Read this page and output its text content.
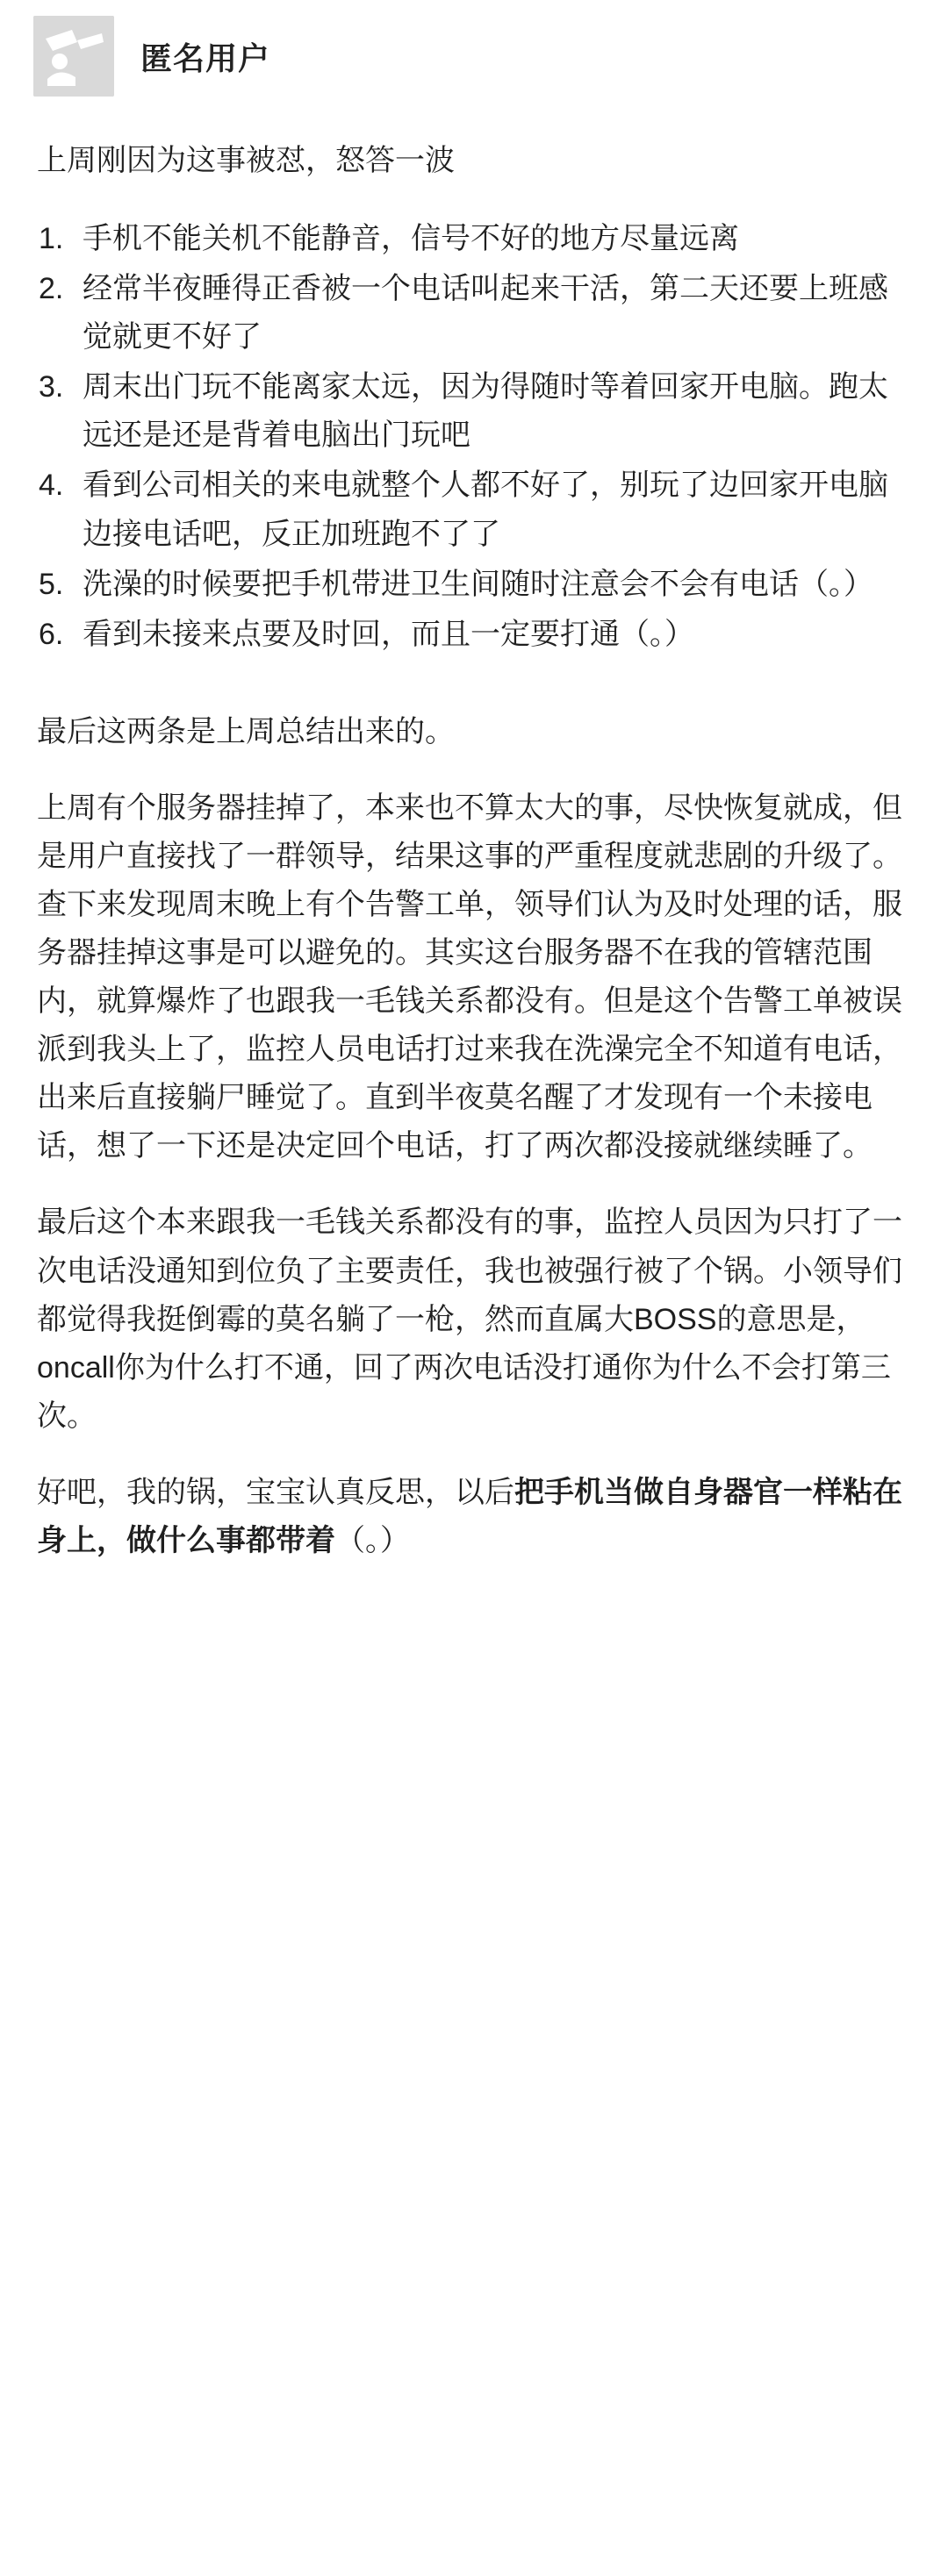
匿名用户

上周刚因为这事被怼，怒答一波

手机不能关机不能静音，信号不好的地方尽量远离
经常半夜睡得正香被一个电话叫起来干活，第二天还要上班感觉就更不好了
周末出门玩不能离家太远，因为得随时等着回家开电脑。跑太远还是还是背着电脑出门玩吧
看到公司相关的来电就整个人都不好了，别玩了边回家开电脑边接电话吧，反正加班跑不了了
洗澡的时候要把手机带进卫生间随时注意会不会有电话（。）
看到未接来点要及时回，而且一定要打通（。）

最后这两条是上周总结出来的。

上周有个服务器挂掉了，本来也不算太大的事，尽快恢复就成，但是用户直接找了一群领导，结果这事的严重程度就悲剧的升级了。查下来发现周末晚上有个告警工单，领导们认为及时处理的话，服务器挂掉这事是可以避免的。其实这台服务器不在我的管辖范围内，就算爆炸了也跟我一毛钱关系都没有。但是这个告警工单被误派到我头上了，监控人员电话打过来我在洗澡完全不知道有电话，出来后直接躺尸睡觉了。直到半夜莫名醒了才发现有一个未接电话，想了一下还是决定回个电话，打了两次都没接就继续睡了。

最后这个本来跟我一毛钱关系都没有的事，监控人员因为只打了一次电话没通知到位负了主要责任，我也被强行被了个锅。小领导们都觉得我挺倒霉的莫名躺了一枪，然而直属大BOSS的意思是，oncall你为什么打不通，回了两次电话没打通你为什么不会打第三次。

好吧，我的锅，宝宝认真反思，以后把手机当做自身器官一样粘在身上，做什么事都带着（。）
